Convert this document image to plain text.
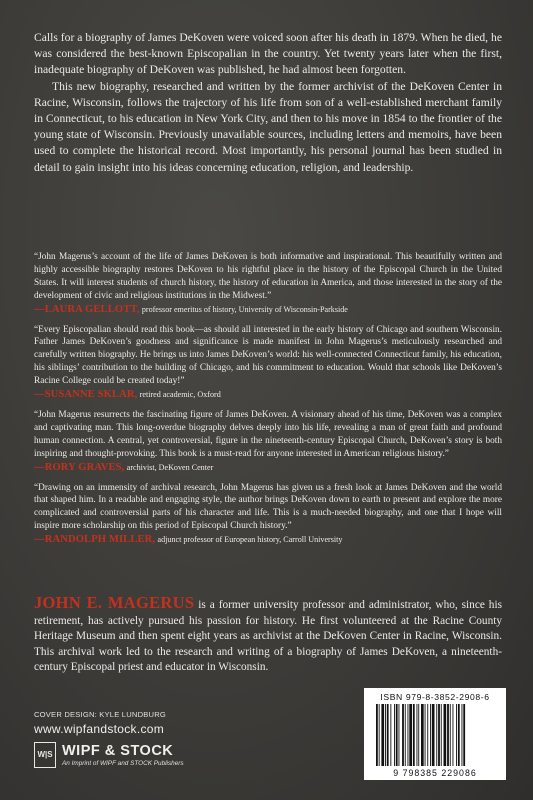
Calls for a biography of James DeKoven were voiced soon after his death in 1879. When he died, he was considered the best-known Episcopalian in the country. Yet twenty years later when the first, inadequate biography of DeKoven was published, he had almost been forgotten.

This new biography, researched and written by the former archivist of the DeKoven Center in Racine, Wisconsin, follows the trajectory of his life from son of a well-established merchant family in Connecticut, to his education in New York City, and then to his move in 1854 to the frontier of the young state of Wisconsin. Previously unavailable sources, including letters and memoirs, have been used to complete the historical record. Most importantly, his personal journal has been studied in detail to gain insight into his ideas concerning education, religion, and leadership.

“John Magerus’s account of the life of James DeKoven is both informative and inspirational. This beautifully written and highly accessible biography restores DeKoven to his rightful place in the history of the Episcopal Church in the United States. It will interest students of church history, the history of education in America, and those interested in the story of the development of civic and religious institutions in the Midwest.”

—LAURA GELLOTT, professor emeritus of history, University of Wisconsin-Parkside

“Every Episcopalian should read this book—as should all interested in the early history of Chicago and southern Wisconsin. Father James DeKoven’s goodness and significance is made manifest in John Magerus’s meticulously researched and carefully written biography. He brings us into James DeKoven’s world: his well-connected Connecticut family, his education, his siblings’ contribution to the building of Chicago, and his commitment to education. Would that schools like DeKoven’s Racine College could be created today!”

—SUSANNE SKLAR, retired academic, Oxford

“John Magerus resurrects the fascinating figure of James DeKoven. A visionary ahead of his time, DeKoven was a complex and captivating man. This long-overdue biography delves deeply into his life, revealing a man of great faith and profound human connection. A central, yet controversial, figure in the nineteenth-century Episcopal Church, DeKoven’s story is both inspiring and thought-provoking. This book is a must-read for anyone interested in American religious history.”

—RORY GRAVES, archivist, DeKoven Center

“Drawing on an immensity of archival research, John Magerus has given us a fresh look at James DeKoven and the world that shaped him. In a readable and engaging style, the author brings DeKoven down to earth to present and explore the more complicated and controversial parts of his character and life. This is a much-needed biography, and one that I hope will inspire more scholarship on this period of Episcopal Church history.”

—RANDOLPH MILLER, adjunct professor of European history, Carroll University
JOHN E. MAGERUS is a former university professor and administrator, who, since his retirement, has actively pursued his passion for history. He first volunteered at the Racine County Heritage Museum and then spent eight years as archivist at the DeKoven Center in Racine, Wisconsin. This archival work led to the research and writing of a biography of James DeKoven, a nineteenth-century Episcopal priest and educator in Wisconsin.
COVER DESIGN: KYLE LUNDBURG
www.wipfandstock.com
W|S WIPF & STOCK
An Imprint of WIPF and STOCK Publishers
ISBN 979-8-3852-2908-6
9 798385 229086
